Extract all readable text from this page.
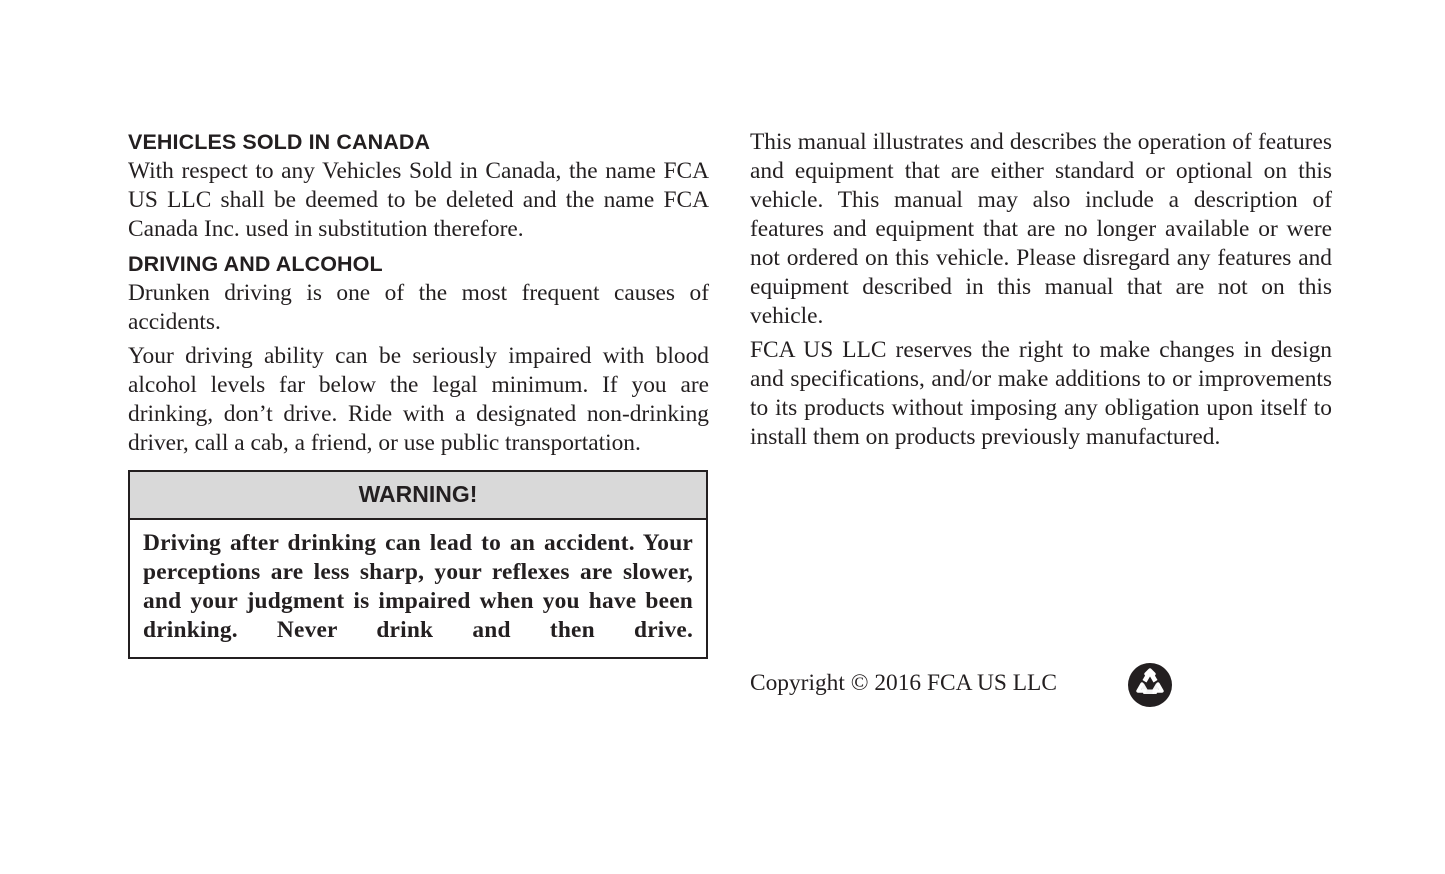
VEHICLES SOLD IN CANADA

With respect to any Vehicles Sold in Canada, the name FCA US LLC shall be deemed to be deleted and the name FCA Canada Inc. used in substitution therefore.

DRIVING AND ALCOHOL

Drunken driving is one of the most frequent causes of accidents.

Your driving ability can be seriously impaired with blood alcohol levels far below the legal minimum. If you are drinking, don’t drive. Ride with a designated non-drinking driver, call a cab, a friend, or use public transportation.

WARNING!
Driving after drinking can lead to an accident. Your perceptions are less sharp, your reflexes are slower, and your judgment is impaired when you have been drinking. Never drink and then drive.

This manual illustrates and describes the operation of features and equipment that are either standard or optional on this vehicle. This manual may also include a description of features and equipment that are no longer available or were not ordered on this vehicle. Please disregard any features and equipment described in this manual that are not on this vehicle.

FCA US LLC reserves the right to make changes in design and specifications, and/or make additions to or improvements to its products without imposing any obligation upon itself to install them on products previously manufactured.

Copyright © 2016 FCA US LLC
